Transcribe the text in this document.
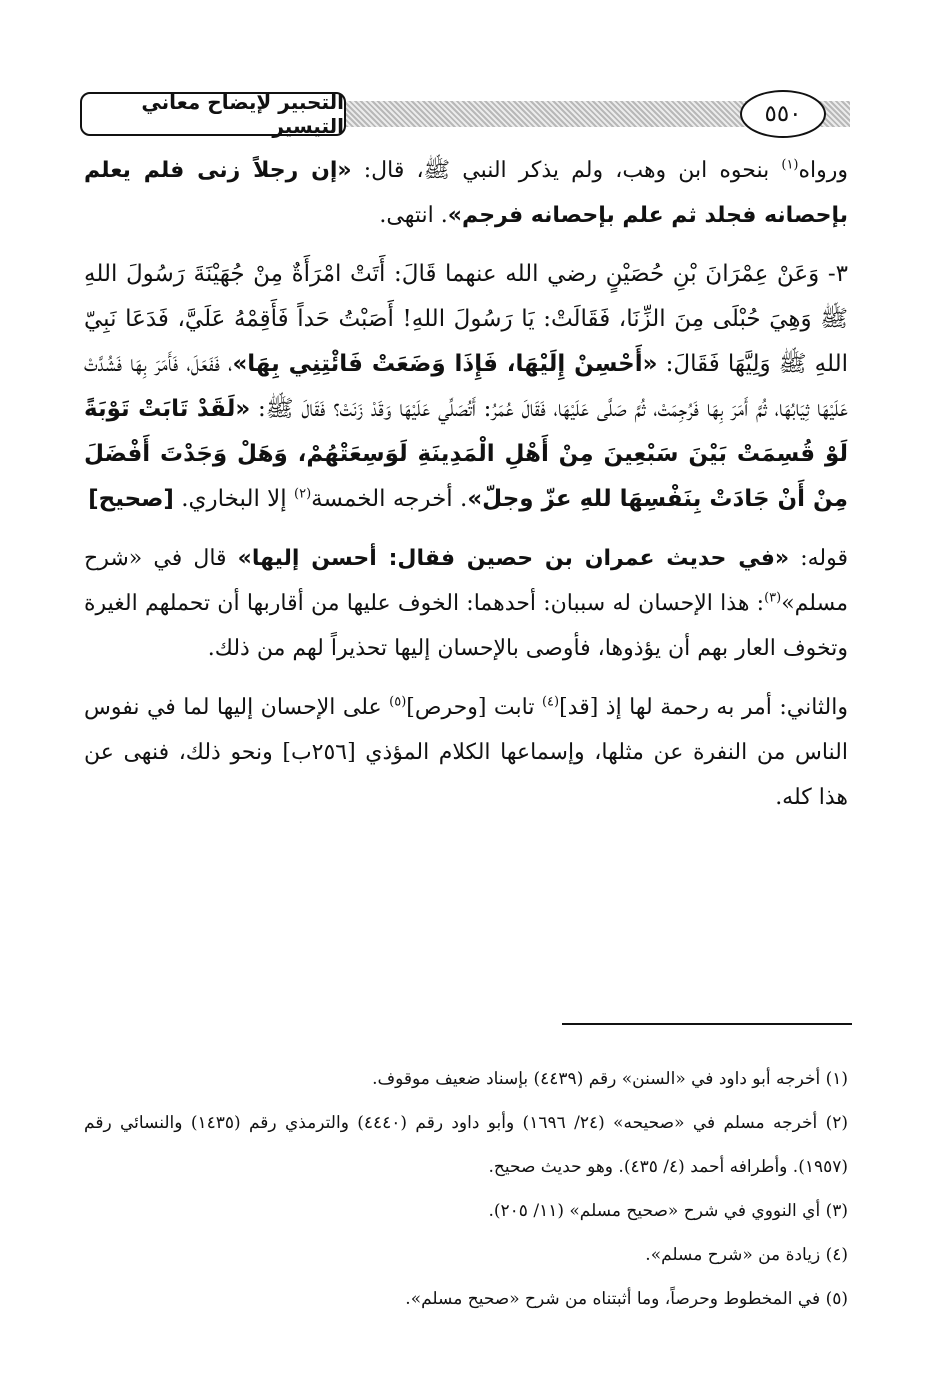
التحبير لإيضاح معاني التيسير	٥٥٠

ورواه$^{(١)}$ بنحوه ابن وهب، ولم يذكر النبي ﷺ، قال: «إن رجلاً زنى فلم يعلم بإحصانه فجلد ثم علم بإحصانه فرجم». انتهى.

٣- وَعَنْ عِمْرَانَ بْنِ حُصَيْنٍ رضي الله عنهما قَالَ: أَتَتْ امْرَأَةٌ مِنْ جُهَيْنَةَ رَسُولَ اللهِ ﷺ وَهِيَ حُبْلَى مِنَ الزِّنَا، فَقَالَتْ: يَا رَسُولَ اللهِ! أَصَبْتُ حَداً فَأَقِمْهُ عَلَيَّ، فَدَعَا نَبِيّ اللهِ ﷺ وَلِيَّهَا فَقَالَ: «أَحْسِنْ إِلَيْهَا، فَإِذَا وَضَعَتْ فَائْتِنِي بِهَا»، فَفَعَلَ، فَأَمَرَ بِهَا فَشُدَّتْ عَلَيْهَا ثِيَابُهَا، ثُمَّ أَمَرَ بِهَا فَرُجِمَتْ، ثُمَّ صَلَّى عَلَيْهَا، فَقَالَ عُمَرُ: أَتُصَلِّي عَلَيْهَا وَقَدْ زَنَتْ؟ فَقَالَ ﷺ: «لَقَدْ تَابَتْ تَوْبَةً لَوْ قُسِمَتْ بَيْنَ سَبْعِينَ مِنْ أَهْلِ الْمَدِينَةِ لَوَسِعَتْهُمْ، وَهَلْ وَجَدْتَ أَفْضَلَ مِنْ أَنْ جَادَتْ بِنَفْسِهَا للهِ عزّ وجلّ». أخرجه الخمسة$^{(٢)}$ إلا البخاري. [صحيح]

قوله: «في حديث عمران بن حصين فقال: أحسن إليها» قال في «شرح مسلم»$^{(٣)}$: هذا الإحسان له سببان: أحدهما: الخوف عليها من أقاربها أن تحملهم الغيرة وتخوف العار بهم أن يؤذوها، فأوصى بالإحسان إليها تحذيراً لهم من ذلك.

والثاني: أمر به رحمة لها إذ [قد]$^{(٤)}$ تابت [وحرص]$^{(٥)}$ على الإحسان إليها لما في نفوس الناس من النفرة عن مثلها، وإسماعها الكلام المؤذي [٢٥٦ب] ونحو ذلك، فنهى عن هذا كله.

(١) أخرجه أبو داود في «السنن» رقم (٤٤٣٩) بإسناد ضعيف موقوف.

(٢) أخرجه مسلم في «صحيحه» (٢٤/ ١٦٩٦) وأبو داود رقم (٤٤٤٠) والترمذي رقم (١٤٣٥) والنسائي رقم (١٩٥٧). وأطرافه أحمد (٤/ ٤٣٥). وهو حديث صحيح.

(٣) أي النووي في شرح «صحيح مسلم» (١١/ ٢٠٥).

(٤) زيادة من «شرح مسلم».

(٥) في المخطوط وحرصاً، وما أثبتناه من شرح «صحيح مسلم».
